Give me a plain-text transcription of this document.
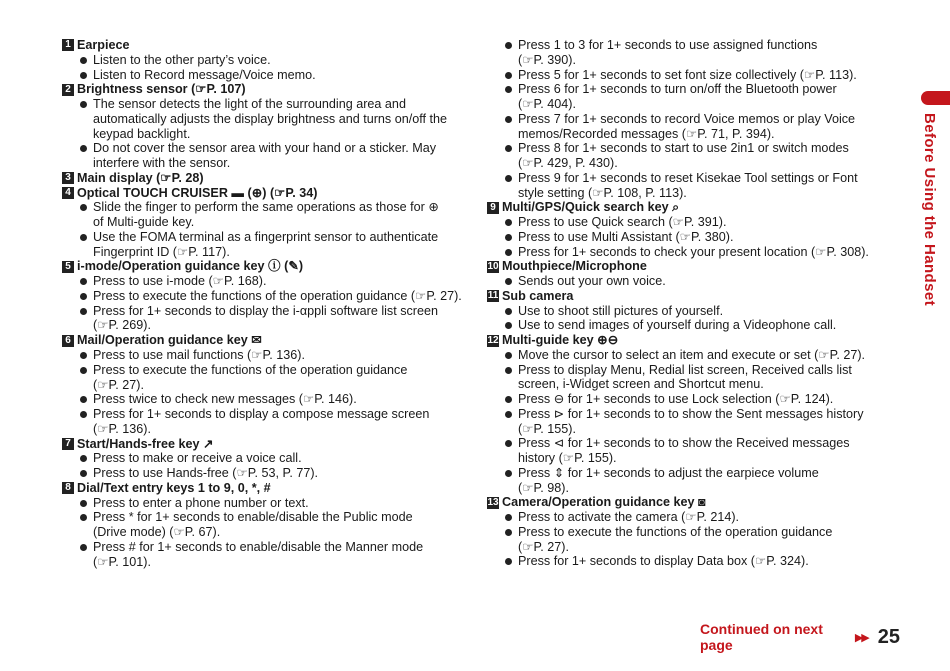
1 Earpiece
Listen to the other party’s voice.
Listen to Record message/Voice memo.
2 Brightness sensor (☞P. 107)
The sensor detects the light of the surrounding area and
automatically adjusts the display brightness and turns on/off the
keypad backlight.
Do not cover the sensor area with your hand or a sticker. May
interfere with the sensor.
3 Main display (☞P. 28)
4 Optical TOUCH CRUISER ▬ (⊕) (☞P. 34)
Slide the finger to perform the same operations as those for ⊕
of Multi-guide key.
Use the FOMA terminal as a fingerprint sensor to authenticate
Fingerprint ID (☞P. 117).
5 i-mode/Operation guidance key ⓘ (✎)
Press to use i-mode (☞P. 168).
Press to execute the functions of the operation guidance (☞P. 27).
Press for 1+ seconds to display the i-αppli software list screen
(☞P. 269).
6 Mail/Operation guidance key ✉
Press to use mail functions (☞P. 136).
Press to execute the functions of the operation guidance
(☞P. 27).
Press twice to check new messages (☞P. 146).
Press for 1+ seconds to display a compose message screen
(☞P. 136).
7 Start/Hands-free key ↗
Press to make or receive a voice call.
Press to use Hands-free (☞P. 53, P. 77).
8 Dial/Text entry keys 1 to 9, 0, *, #
Press to enter a phone number or text.
Press * for 1+ seconds to enable/disable the Public mode
(Drive mode) (☞P. 67).
Press # for 1+ seconds to enable/disable the Manner mode
(☞P. 101).
Press 1 to 3 for 1+ seconds to use assigned functions
(☞P. 390).
Press 5 for 1+ seconds to set font size collectively (☞P. 113).
Press 6 for 1+ seconds to turn on/off the Bluetooth power
(☞P. 404).
Press 7 for 1+ seconds to record Voice memos or play Voice
memos/Recorded messages (☞P. 71, P. 394).
Press 8 for 1+ seconds to start to use 2in1 or switch modes
(☞P. 429, P. 430).
Press 9 for 1+ seconds to reset Kisekae Tool settings or Font
style setting (☞P. 108, P. 113).
9 Multi/GPS/Quick search key ⌕
Press to use Quick search (☞P. 391).
Press to use Multi Assistant (☞P. 380).
Press for 1+ seconds to check your present location (☞P. 308).
10 Mouthpiece/Microphone
Sends out your own voice.
11 Sub camera
Use to shoot still pictures of yourself.
Use to send images of yourself during a Videophone call.
12 Multi-guide key ⊕⊖
Move the cursor to select an item and execute or set (☞P. 27).
Press to display Menu, Redial list screen, Received calls list
screen, i-Widget screen and Shortcut menu.
Press ⊖ for 1+ seconds to use Lock selection (☞P. 124).
Press ⊳ for 1+ seconds to to show the Sent messages history
(☞P. 155).
Press ⊲ for 1+ seconds to to show the Received messages
history (☞P. 155).
Press ⇕ for 1+ seconds to adjust the earpiece volume
(☞P. 98).
13 Camera/Operation guidance key ◙
Press to activate the camera (☞P. 214).
Press to execute the functions of the operation guidance
(☞P. 27).
Press for 1+ seconds to display Data box (☞P. 324).
Before Using the Handset
Continued on next page	▶▶ 25
